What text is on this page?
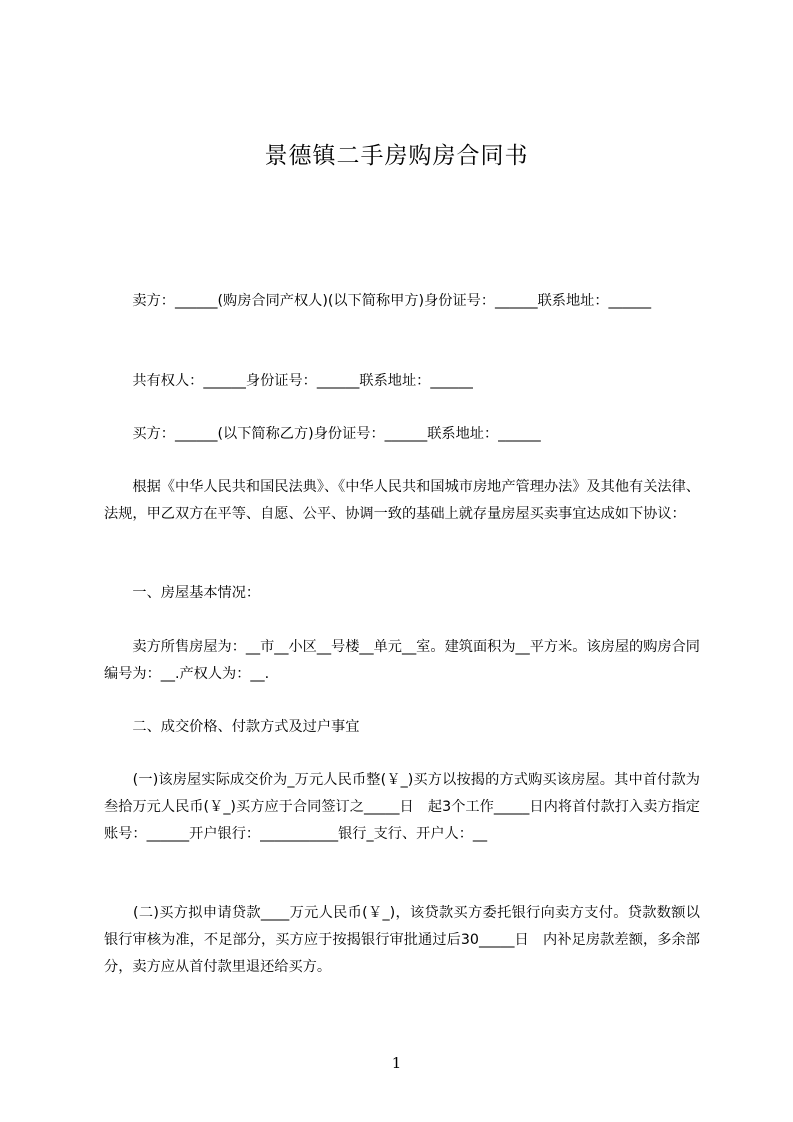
景德镇二手房购房合同书
　　卖方：______(购房合同产权人)(以下简称甲方)身份证号：______联系地址：______
　　共有权人：______身份证号：______联系地址：______
　　买方：______(以下简称乙方)身份证号：______联系地址：______
　　根据《中华人民共和国民法典》、《中华人民共和国城市房地产管理办法》及其他有关法律、法规，甲乙双方在平等、自愿、公平、协调一致的基础上就存量房屋买卖事宜达成如下协议：
　　一、房屋基本情况：
　　卖方所售房屋为：__市__小区__号楼__单元__室。建筑面积为__平方米。该房屋的购房合同编号为：__.产权人为：__.
　　二、成交价格、付款方式及过户事宜
　　(一)该房屋实际成交价为_万元人民币整(￥_)买方以按揭的方式购买该房屋。其中首付款为叁拾万元人民币(￥_)买方应于合同签订之_____日　起3个工作_____日内将首付款打入卖方指定账号：______开户银行：___________银行_支行、开户人：__
　　(二)买方拟申请贷款____万元人民币(￥_)，该贷款买方委托银行向卖方支付。贷款数额以银行审核为准，不足部分，买方应于按揭银行审批通过后30_____日　内补足房款差额，多余部分，卖方应从首付款里退还给买方。
1
